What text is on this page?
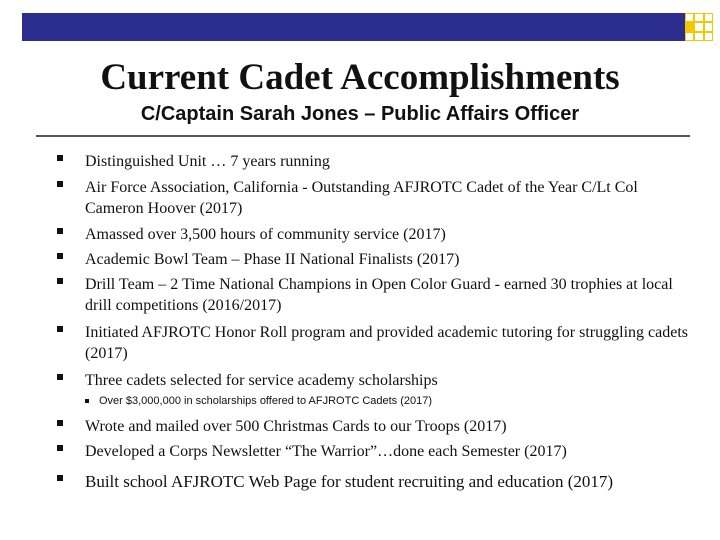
Current Cadet Accomplishments
C/Captain Sarah Jones – Public Affairs Officer
Distinguished Unit … 7 years running
Air Force Association, California - Outstanding AFJROTC Cadet of the Year C/Lt Col Cameron Hoover (2017)
Amassed over 3,500 hours of community service (2017)
Academic Bowl Team – Phase II National Finalists (2017)
Drill Team – 2 Time National Champions in Open Color Guard - earned 30 trophies at local drill competitions (2016/2017)
Initiated AFJROTC Honor Roll program and provided academic tutoring for struggling cadets (2017)
Three cadets selected for service academy scholarships
Over $3,000,000 in scholarships offered to AFJROTC Cadets (2017)
Wrote and mailed over 500 Christmas Cards to our Troops (2017)
Developed a Corps Newsletter “The Warrior”…done each Semester (2017)
Built school AFJROTC Web Page for student recruiting and education (2017)
